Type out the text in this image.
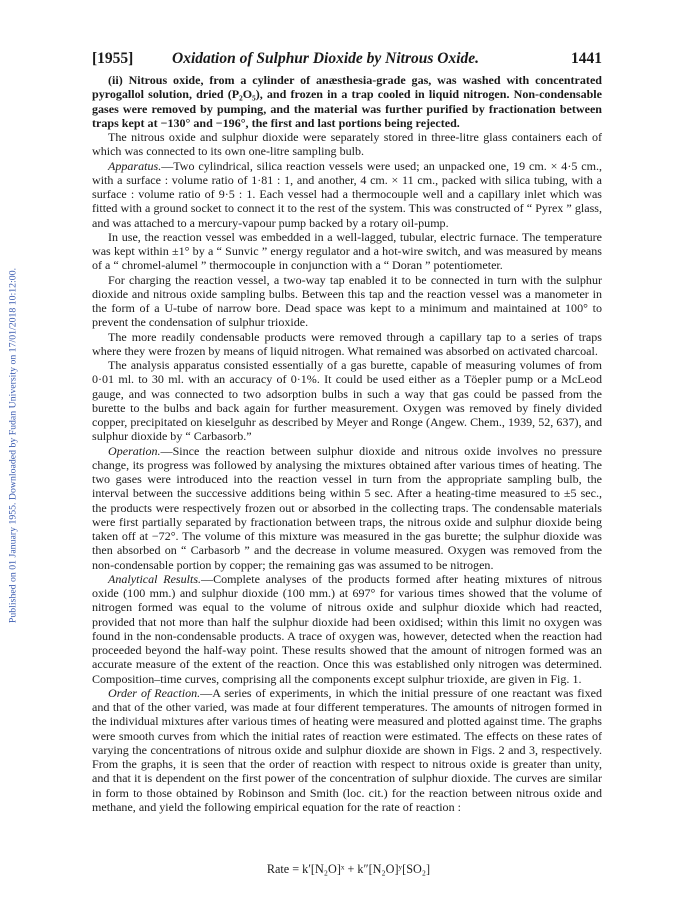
Published on 01 January 1955. Downloaded by Fudan University on 17/01/2018 10:12:00.
[1955] Oxidation of Sulphur Dioxide by Nitrous Oxide.	1441

(ii) Nitrous oxide, from a cylinder of anæsthesia-grade gas, was washed with concentrated pyrogallol solution, dried (P₂O₅), and frozen in a trap cooled in liquid nitrogen. Non-condensable gases were removed by pumping, and the material was further purified by fractionation between traps kept at −130° and −196°, the first and last portions being rejected.

The nitrous oxide and sulphur dioxide were separately stored in three-litre glass containers each of which was connected to its own one-litre sampling bulb.

Apparatus.—Two cylindrical, silica reaction vessels were used; an unpacked one, 19 cm. × 4·5 cm., with a surface : volume ratio of 1·81 : 1, and another, 4 cm. × 11 cm., packed with silica tubing, with a surface : volume ratio of 9·5 : 1. Each vessel had a thermocouple well and a capillary inlet which was fitted with a ground socket to connect it to the rest of the system. This was constructed of “ Pyrex ” glass, and was attached to a mercury-vapour pump backed by a rotary oil-pump.

In use, the reaction vessel was embedded in a well-lagged, tubular, electric furnace. The temperature was kept within ±1° by a “ Sunvic ” energy regulator and a hot-wire switch, and was measured by means of a “ chromel-alumel ” thermocouple in conjunction with a “ Doran ” potentiometer.

For charging the reaction vessel, a two-way tap enabled it to be connected in turn with the sulphur dioxide and nitrous oxide sampling bulbs. Between this tap and the reaction vessel was a manometer in the form of a U-tube of narrow bore. Dead space was kept to a minimum and maintained at 100° to prevent the condensation of sulphur trioxide.

The more readily condensable products were removed through a capillary tap to a series of traps where they were frozen by means of liquid nitrogen. What remained was absorbed on activated charcoal.

The analysis apparatus consisted essentially of a gas burette, capable of measuring volumes of from 0·01 ml. to 30 ml. with an accuracy of 0·1%. It could be used either as a Töepler pump or a McLeod gauge, and was connected to two adsorption bulbs in such a way that gas could be passed from the burette to the bulbs and back again for further measurement. Oxygen was removed by finely divided copper, precipitated on kieselguhr as described by Meyer and Ronge (Angew. Chem., 1939, 52, 637), and sulphur dioxide by “ Carbasorb.”

Operation.—Since the reaction between sulphur dioxide and nitrous oxide involves no pressure change, its progress was followed by analysing the mixtures obtained after various times of heating. The two gases were introduced into the reaction vessel in turn from the appropriate sampling bulb, the interval between the successive additions being within 5 sec. After a heating-time measured to ±5 sec., the products were respectively frozen out or absorbed in the collecting traps. The condensable materials were first partially separated by fractionation between traps, the nitrous oxide and sulphur dioxide being taken off at −72°. The volume of this mixture was measured in the gas burette; the sulphur dioxide was then absorbed on “ Carbasorb ” and the decrease in volume measured. Oxygen was removed from the non-condensable portion by copper; the remaining gas was assumed to be nitrogen.

Analytical Results.—Complete analyses of the products formed after heating mixtures of nitrous oxide (100 mm.) and sulphur dioxide (100 mm.) at 697° for various times showed that the volume of nitrogen formed was equal to the volume of nitrous oxide and sulphur dioxide which had reacted, provided that not more than half the sulphur dioxide had been oxidised; within this limit no oxygen was found in the non-condensable products. A trace of oxygen was, however, detected when the reaction had proceeded beyond the half-way point. These results showed that the amount of nitrogen formed was an accurate measure of the extent of the reaction. Once this was established only nitrogen was determined. Composition–time curves, comprising all the components except sulphur trioxide, are given in Fig. 1.

Order of Reaction.—A series of experiments, in which the initial pressure of one reactant was fixed and that of the other varied, was made at four different temperatures. The amounts of nitrogen formed in the individual mixtures after various times of heating were measured and plotted against time. The graphs were smooth curves from which the initial rates of reaction were estimated. The effects on these rates of varying the concentrations of nitrous oxide and sulphur dioxide are shown in Figs. 2 and 3, respectively. From the graphs, it is seen that the order of reaction with respect to nitrous oxide is greater than unity, and that it is dependent on the first power of the concentration of sulphur dioxide. The curves are similar in form to those obtained by Robinson and Smith (loc. cit.) for the reaction between nitrous oxide and methane, and yield the following empirical equation for the rate of reaction :

Rate = k′[N₂O]ˣ + k″[N₂O]ʸ[SO₂]
